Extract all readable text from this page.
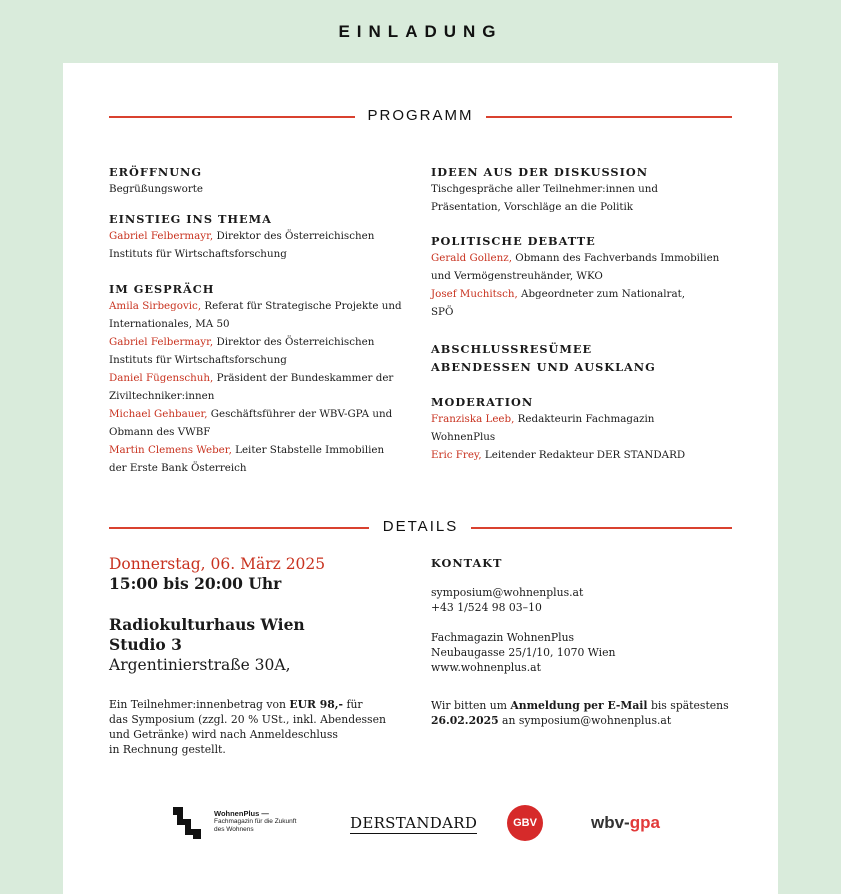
EINLADUNG
PROGRAMM

ERÖFFNUNG

Begrüßungsworte

EINSTIEG INS THEMA

Gabriel Felbermayr, Direktor des Österreichischen

Instituts für Wirtschaftsforschung

IM GESPRÄCH

Amila Sirbegovic, Referat für Strategische Projekte und

Internationales, MA 50

Gabriel Felbermayr, Direktor des Österreichischen

Instituts für Wirtschaftsforschung

Daniel Fügenschuh, Präsident der Bundeskammer der

Ziviltechniker:innen

Michael Gehbauer, Geschäftsführer der WBV-GPA und

Obmann des VWBF

Martin Clemens Weber, Leiter Stabstelle Immobilien

der Erste Bank Österreich

IDEEN AUS DER DISKUSSION

Tischgespräche aller Teilnehmer:innen und

Präsentation, Vorschläge an die Politik

POLITISCHE DEBATTE

Gerald Gollenz, Obmann des Fachverbands Immobilien

und Vermögenstreuhänder, WKO

Josef Muchitsch, Abgeordneter zum Nationalrat,

SPÖ

ABSCHLUSSRESÜMEE

ABENDESSEN UND AUSKLANG

MODERATION

Franziska Leeb, Redakteurin Fachmagazin

WohnenPlus

Eric Frey, Leitender Redakteur DER STANDARD

DETAILS
Donnerstag, 06. März 2025
15:00 bis 20:00 Uhr
Radiokulturhaus Wien
Studio 3
Argentinierstraße 30A,
Ein Teilnehmer:innenbetrag von EUR 98,- für
das Symposium (zzgl. 20 % USt., inkl. Abendessen
und Getränke) wird nach Anmeldeschluss
in Rechnung gestellt.

KONTAKT

symposium@wohnenplus.at
+43 1/524 98 03–10
Fachmagazin WohnenPlus
Neubaugasse 25/1/10, 1070 Wien
www.wohnenplus.at
Wir bitten um Anmeldung per E-Mail bis spätestens
26.02.2025 an symposium@wohnenplus.at
WohnenPlus —
Fachmagazin für die Zukunft
des Wohnens	DERSTANDARD	GBV	wbv-gpa
